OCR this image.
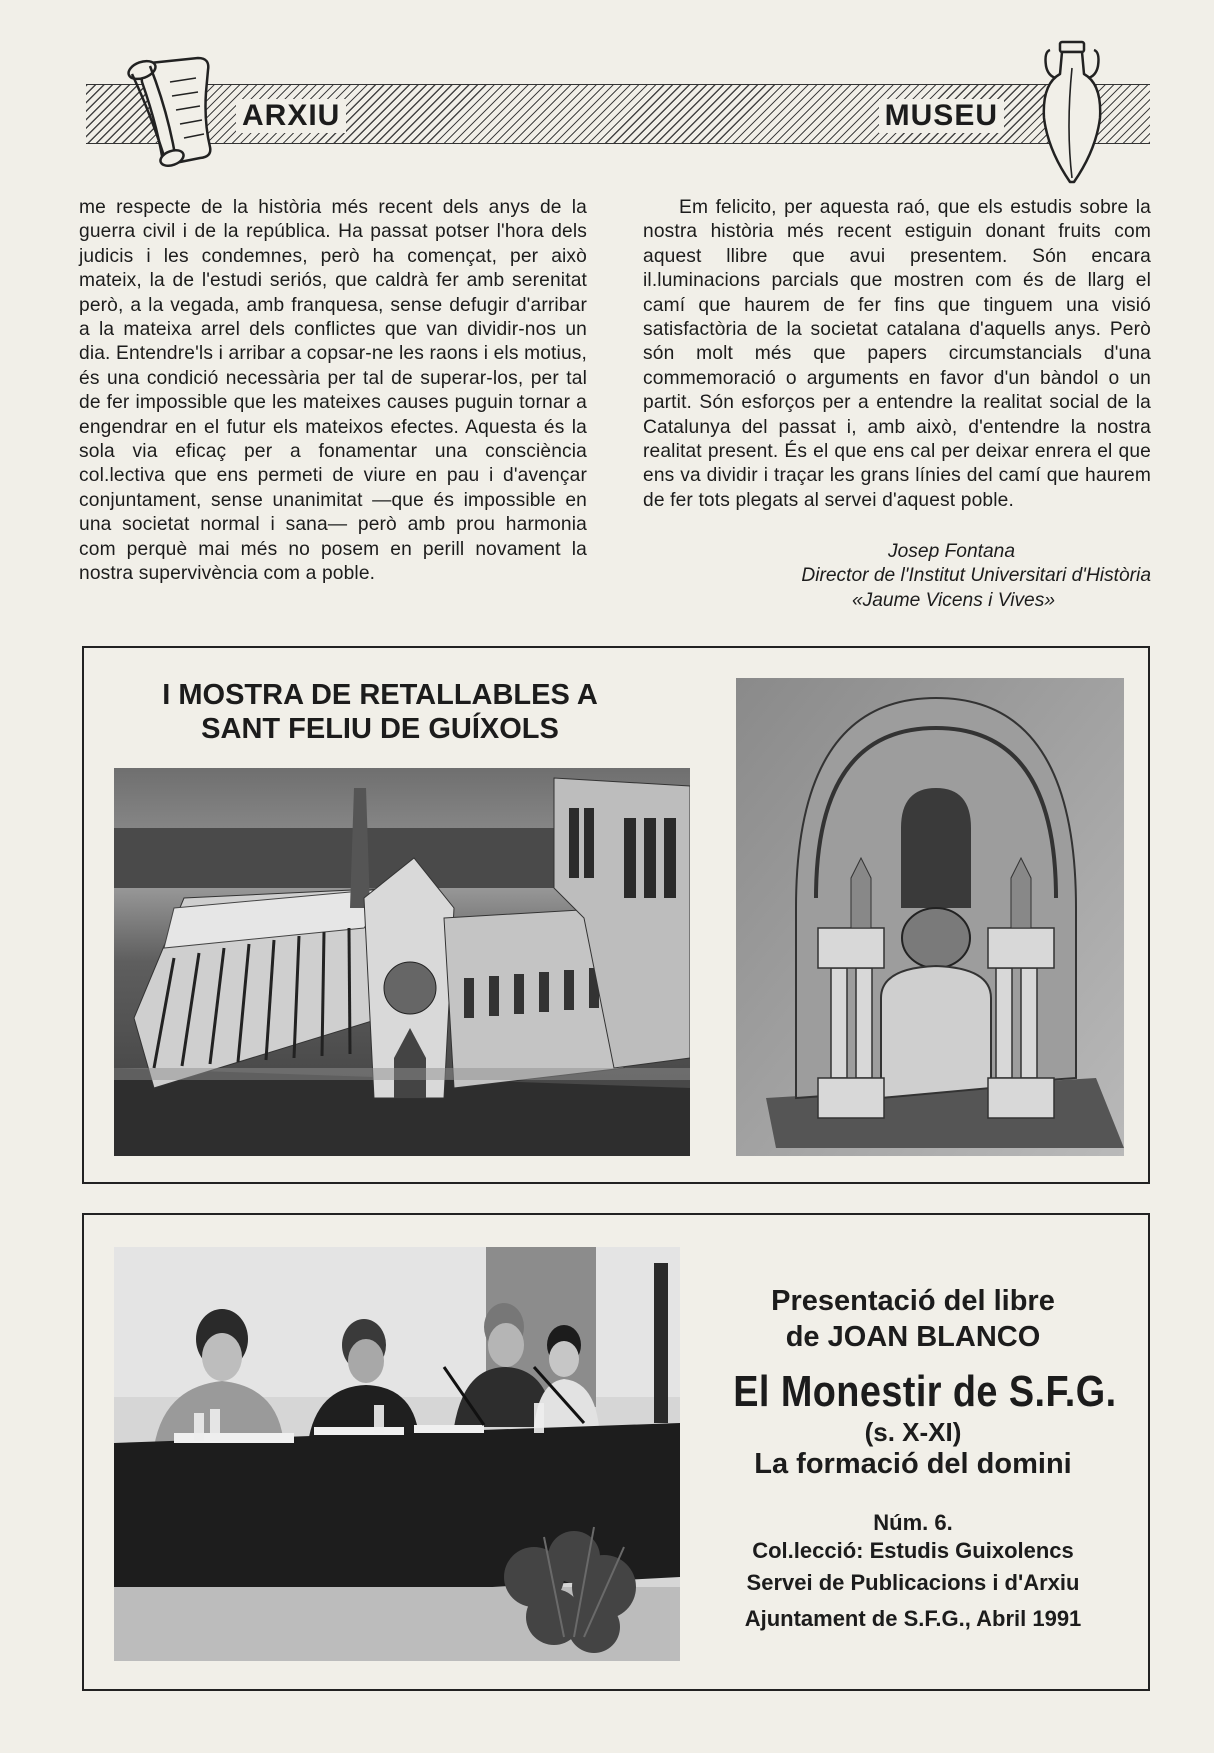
ARXIU	MUSEU

me respecte de la història més recent dels anys de la guerra civil i de la república. Ha passat potser l'hora dels judicis i les condemnes, però ha començat, per això mateix, la de l'estudi seriós, que caldrà fer amb serenitat però, a la vegada, amb franquesa, sense defugir d'arribar a la mateixa arrel dels conflictes que van dividir-nos un dia. Entendre'ls i arribar a copsar-ne les raons i els motius, és una condició necessària per tal de superar-los, per tal de fer impossible que les mateixes causes puguin tornar a engendrar en el futur els mateixos efectes. Aquesta és la sola via eficaç per a fonamentar una consciència col.lectiva que ens permeti de viure en pau i d'avençar conjuntament, sense unanimitat —que és impossible en una societat normal i sana— però amb prou harmonia com perquè mai més no posem en perill novament la nostra supervivència com a poble.

Em felicito, per aquesta raó, que els estudis sobre la nostra història més recent estiguin donant fruits com aquest llibre que avui presentem. Són encara il.luminacions parcials que mostren com és de llarg el camí que haurem de fer fins que tinguem una visió satisfactòria de la societat catalana d'aquells anys. Però són molt més que papers circumstancials d'una commemoració o arguments en favor d'un bàndol o un partit. Són esforços per a entendre la realitat social de la Catalunya del passat i, amb això, d'entendre la nostra realitat present. És el que ens cal per deixar enrera el que ens va dividir i traçar les grans línies del camí que haurem de fer tots plegats al servei d'aquest poble.

Josep Fontana
Director de l'Institut Universitari d'Història
«Jaume Vicens i Vives»
I MOSTRA DE RETALLABLES A
SANT FELIU DE GUÍXOLS
Presentació del libre
de JOAN BLANCO
El Monestir de S.F.G.
(s. X-XI)
La formació del domini
Núm. 6.
Col.lecció: Estudis Guixolencs
Servei de Publicacions i d'Arxiu
Ajuntament de S.F.G., Abril 1991
